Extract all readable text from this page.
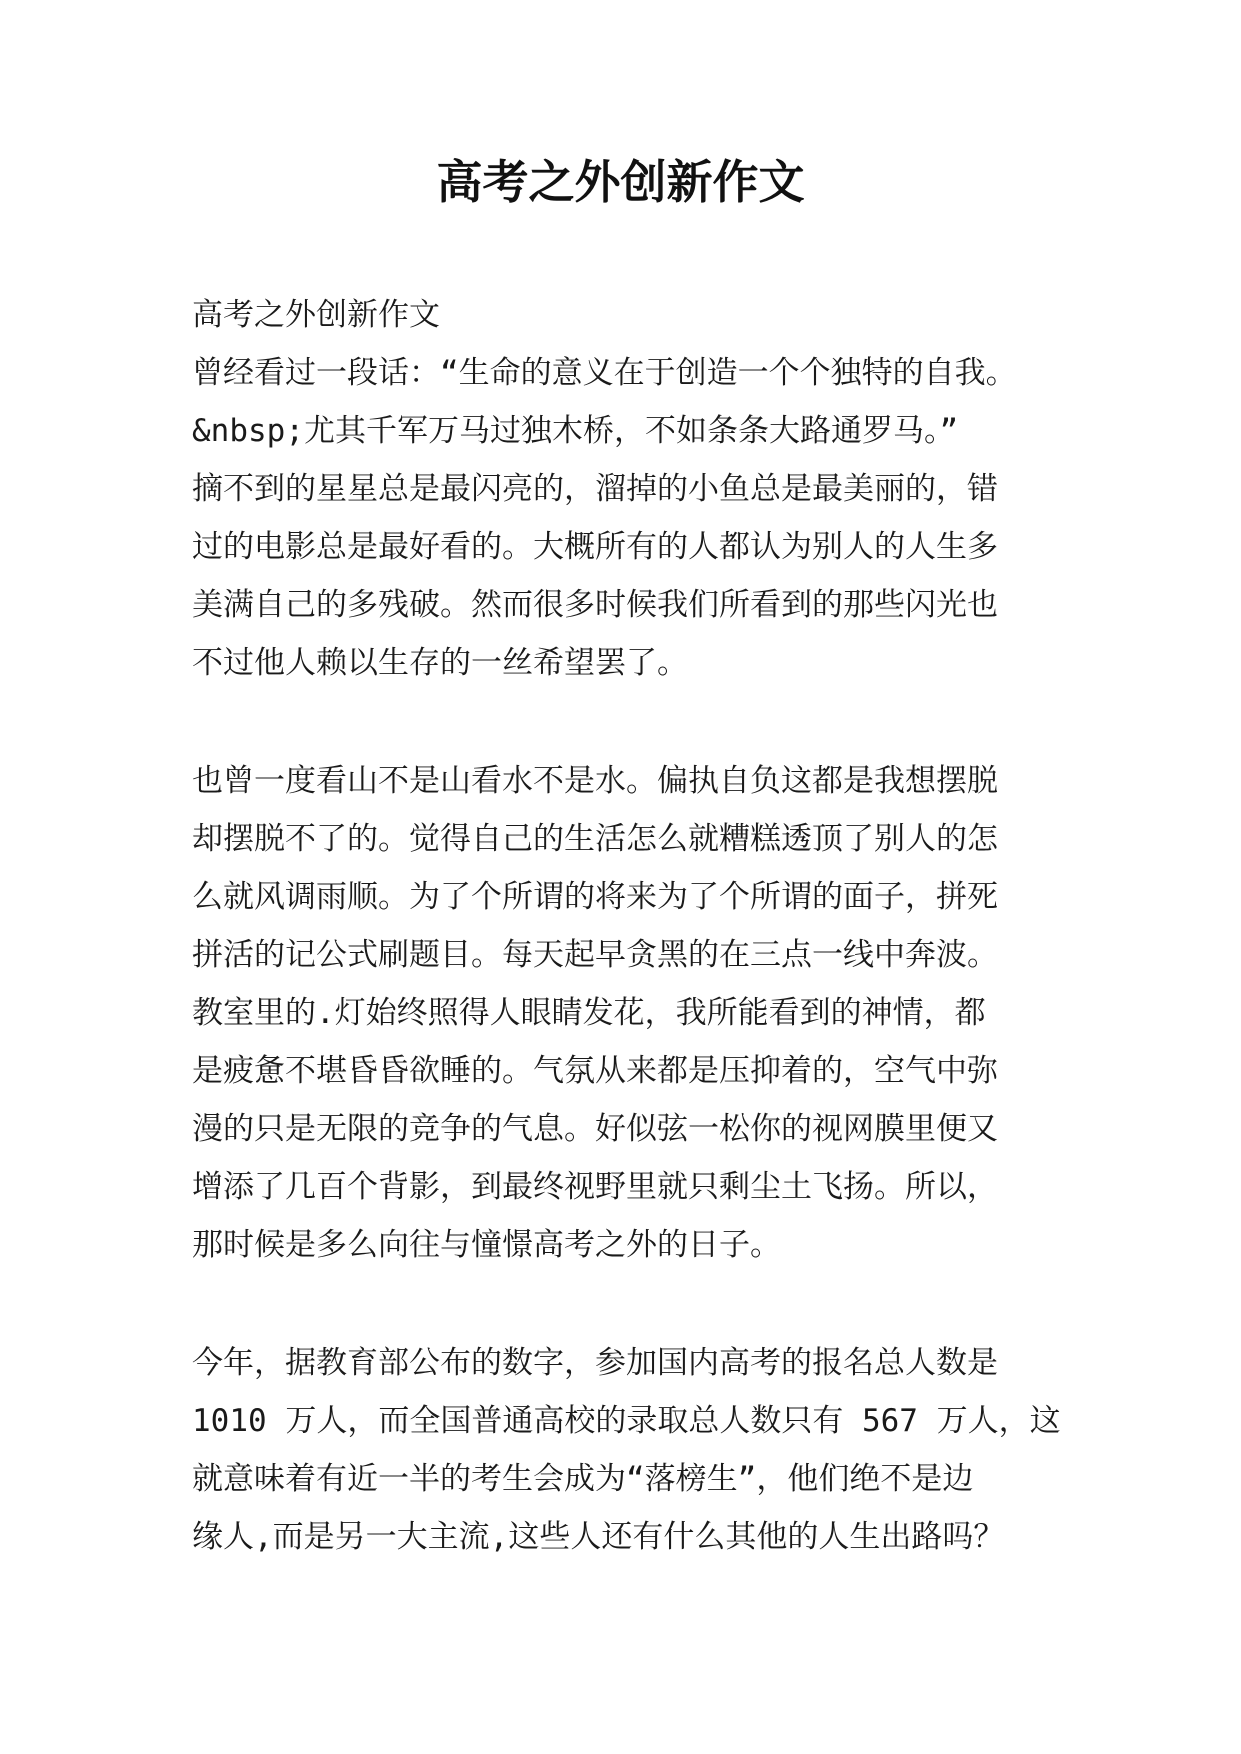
高考之外创新作文
高考之外创新作文
曾经看过一段话：“生命的意义在于创造一个个独特的自我。
&nbsp;尤其千军万马过独木桥，不如条条大路通罗马。”
摘不到的星星总是最闪亮的，溜掉的小鱼总是最美丽的，错
过的电影总是最好看的。大概所有的人都认为别人的人生多
美满自己的多残破。然而很多时候我们所看到的那些闪光也
不过他人赖以生存的一丝希望罢了。
也曾一度看山不是山看水不是水。偏执自负这都是我想摆脱
却摆脱不了的。觉得自己的生活怎么就糟糕透顶了别人的怎
么就风调雨顺。为了个所谓的将来为了个所谓的面子，拼死
拼活的记公式刷题目。每天起早贪黑的在三点一线中奔波。
教室里的.灯始终照得人眼睛发花，我所能看到的神情，都
是疲惫不堪昏昏欲睡的。气氛从来都是压抑着的，空气中弥
漫的只是无限的竞争的气息。好似弦一松你的视网膜里便又
增添了几百个背影，到最终视野里就只剩尘土飞扬。所以，
那时候是多么向往与憧憬高考之外的日子。
今年，据教育部公布的数字，参加国内高考的报名总人数是
1010 万人，而全国普通高校的录取总人数只有 567 万人，这
就意味着有近一半的考生会成为“落榜生”，他们绝不是边
缘人,而是另一大主流,这些人还有什么其他的人生出路吗？
